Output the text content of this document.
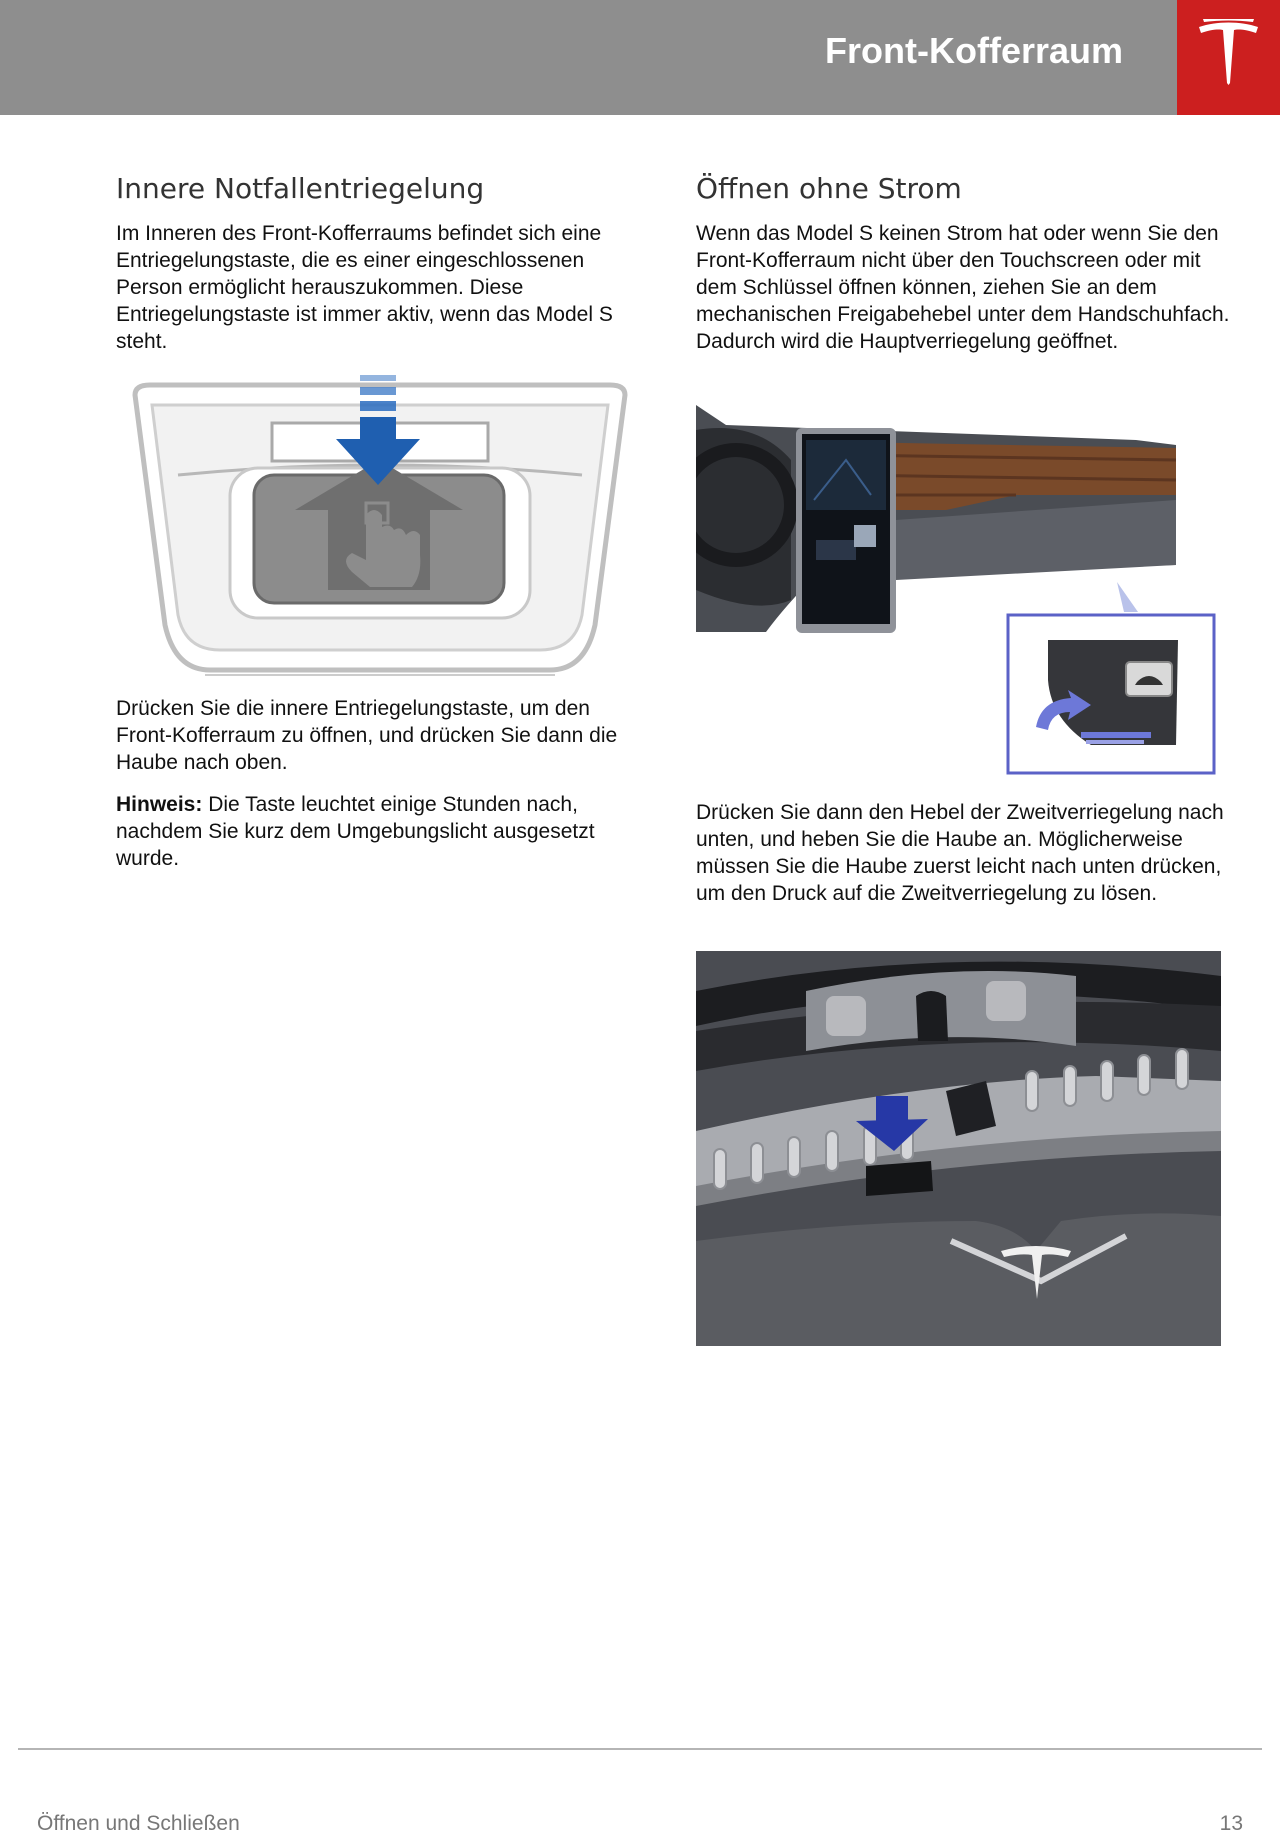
Front-Kofferraum
Innere Notfallentriegelung

Im Inneren des Front-Kofferraums befindet sich eine Entriegelungstaste, die es einer eingeschlossenen Person ermöglicht herauszukommen. Diese Entriegelungstaste ist immer aktiv, wenn das Model S steht.

Drücken Sie die innere Entriegelungstaste, um den Front-Kofferraum zu öffnen, und drücken Sie dann die Haube nach oben.

Hinweis: Die Taste leuchtet einige Stunden nach, nachdem Sie kurz dem Umgebungslicht ausgesetzt wurde.

Öffnen ohne Strom

Wenn das Model S keinen Strom hat oder wenn Sie den Front-Kofferraum nicht über den Touchscreen oder mit dem Schlüssel öffnen können, ziehen Sie an dem mechanischen Freigabehebel unter dem Handschuhfach. Dadurch wird die Hauptverriegelung geöffnet.

Drücken Sie dann den Hebel der Zweitverriegelung nach unten, und heben Sie die Haube an. Möglicherweise müssen Sie die Haube zuerst leicht nach unten drücken, um den Druck auf die Zweitverriegelung zu lösen.

Öffnen und Schließen	13
